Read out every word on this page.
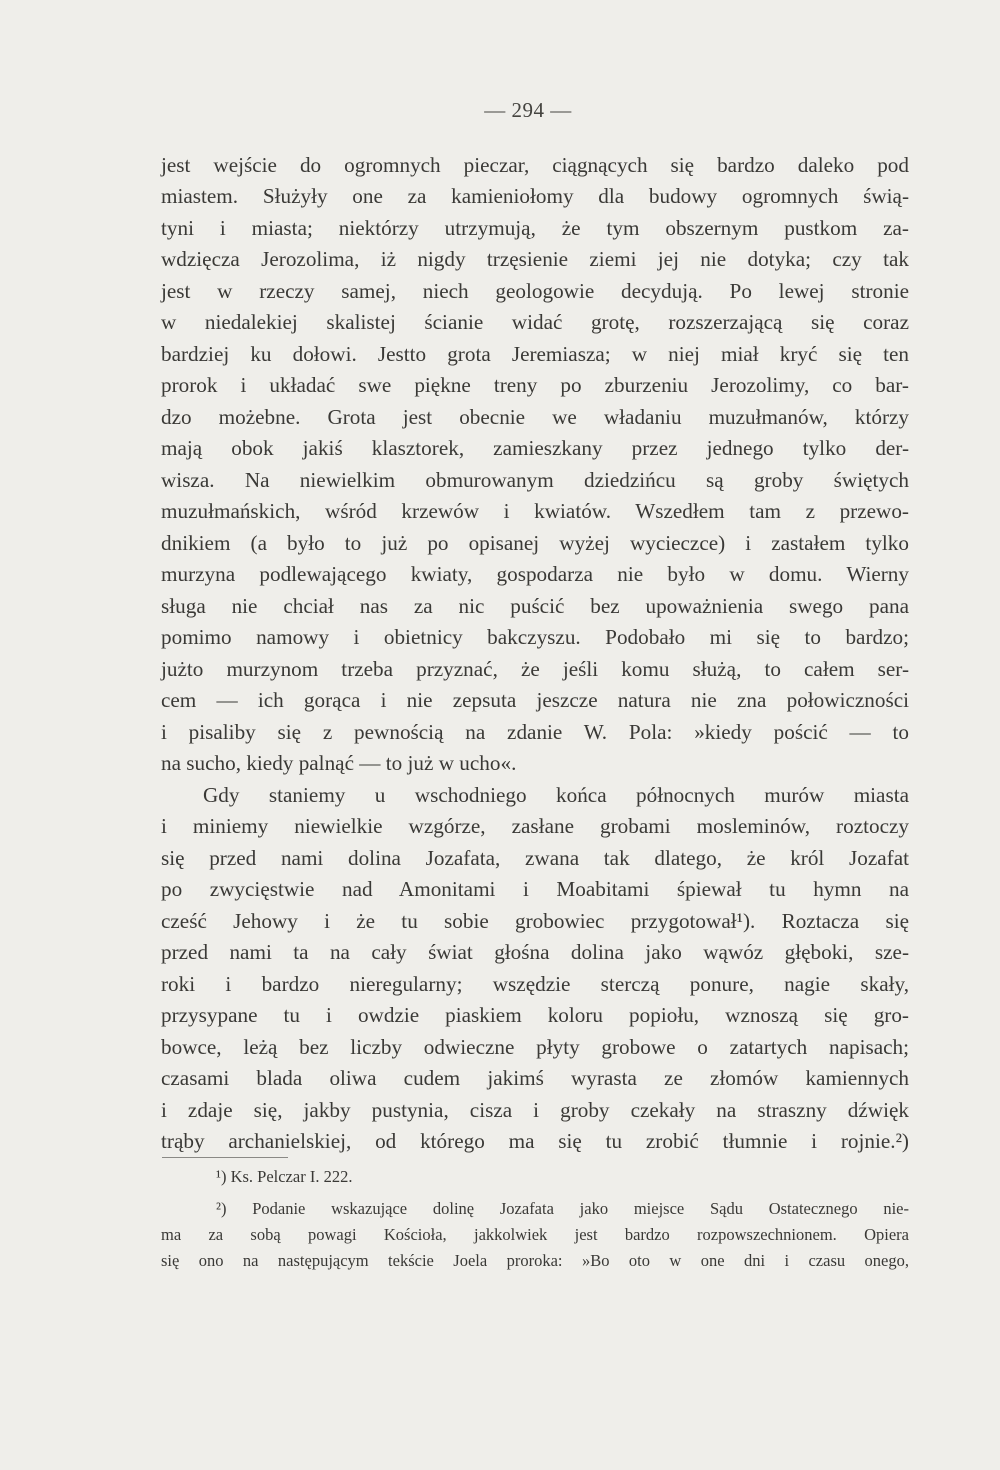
— 294 —
jest wejście do ogromnych pieczar, ciągnących się bardzo daleko pod
miastem. Służyły one za kamieniołomy dla budowy ogromnych świą-
tyni i miasta; niektórzy utrzymują, że tym obszernym pustkom za-
wdzięcza Jerozolima, iż nigdy trzęsienie ziemi jej nie dotyka; czy tak
jest w rzeczy samej, niech geologowie decydują. Po lewej stronie
w niedalekiej skalistej ścianie widać grotę, rozszerzającą się coraz
bardziej ku dołowi. Jestto grota Jeremiasza; w niej miał kryć się ten
prorok i układać swe piękne treny po zburzeniu Jerozolimy, co bar-
dzo możebne. Grota jest obecnie we władaniu muzułmanów, którzy
mają obok jakiś klasztorek, zamieszkany przez jednego tylko der-
wisza. Na niewielkim obmurowanym dziedzińcu są groby świętych
muzułmańskich, wśród krzewów i kwiatów. Wszedłem tam z przewo-
dnikiem (a było to już po opisanej wyżej wycieczce) i zastałem tylko
murzyna podlewającego kwiaty, gospodarza nie było w domu. Wierny
sługa nie chciał nas za nic puścić bez upoważnienia swego pana
pomimo namowy i obietnicy bakczyszu. Podobało mi się to bardzo;
jużto murzynom trzeba przyznać, że jeśli komu służą, to całem ser-
cem — ich gorąca i nie zepsuta jeszcze natura nie zna połowiczności
i pisaliby się z pewnością na zdanie W. Pola: »kiedy pościć — to
na sucho, kiedy palnąć — to już w ucho«.
Gdy staniemy u wschodniego końca północnych murów miasta
i miniemy niewielkie wzgórze, zasłane grobami mosleminów, roztoczy
się przed nami dolina Jozafata, zwana tak dlatego, że król Jozafat
po zwycięstwie nad Amonitami i Moabitami śpiewał tu hymn na
cześć Jehowy i że tu sobie grobowiec przygotował¹). Roztacza się
przed nami ta na cały świat głośna dolina jako wąwóz głęboki, sze-
roki i bardzo nieregularny; wszędzie sterczą ponure, nagie skały,
przysypane tu i owdzie piaskiem koloru popiołu, wznoszą się gro-
bowce, leżą bez liczby odwieczne płyty grobowe o zatartych napisach;
czasami blada oliwa cudem jakimś wyrasta ze złomów kamiennych
i zdaje się, jakby pustynia, cisza i groby czekały na straszny dźwięk
trąby archanielskiej, od którego ma się tu zrobić tłumnie i rojnie.²)
¹) Ks. Pelczar I. 222.
²) Podanie wskazujące dolinę Jozafata jako miejsce Sądu Ostatecznego nie-
ma za sobą powagi Kościoła, jakkolwiek jest bardzo rozpowszechnionem. Opiera
się ono na następującym tekście Joela proroka: »Bo oto w one dni i czasu onego,
